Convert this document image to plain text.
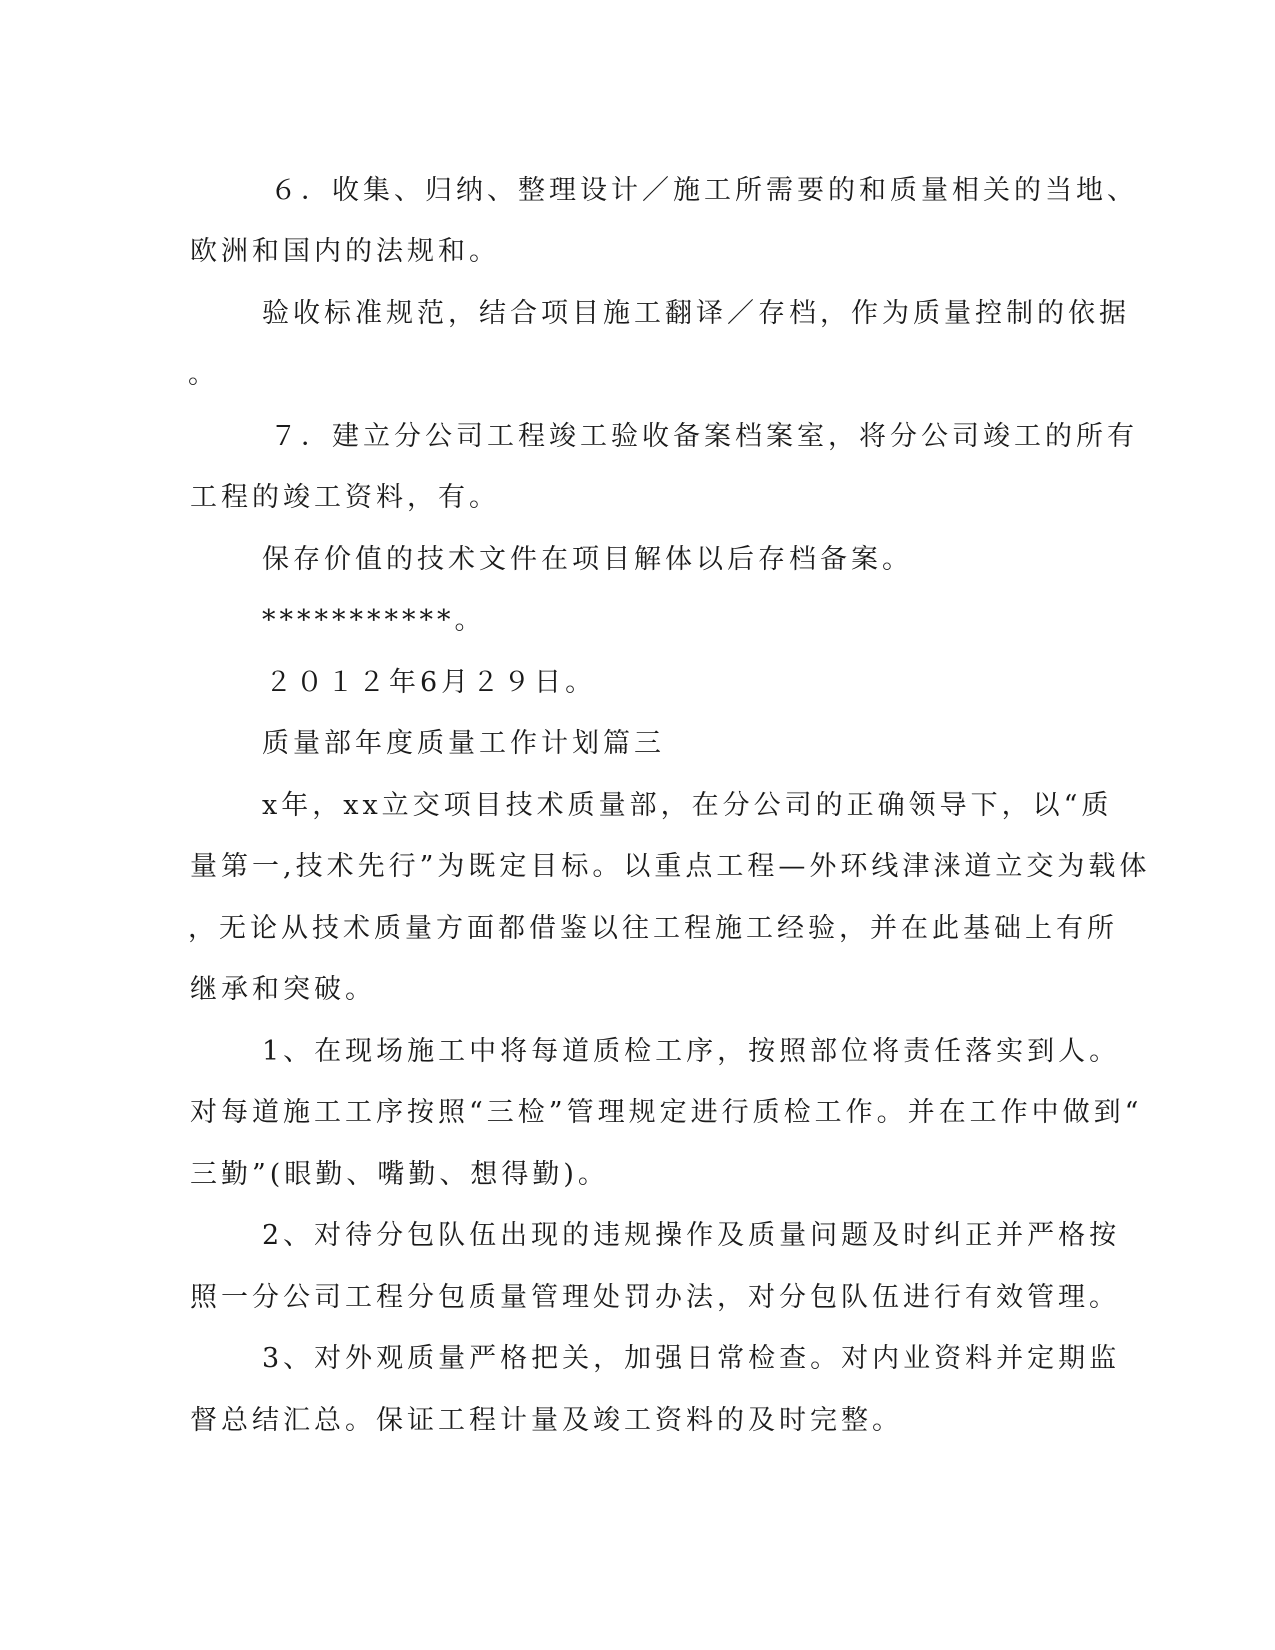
６．收集、归纳、整理设计／施工所需要的和质量相关的当地、
欧洲和国内的法规和。
验收标准规范，结合项目施工翻译／存档，作为质量控制的依据
。
７．建立分公司工程竣工验收备案档案室，将分公司竣工的所有
工程的竣工资料，有。
保存价值的技术文件在项目解体以后存档备案。
***********。
２０１２年6月２９日。
质量部年度质量工作计划篇三
x年，xx立交项目技术质量部，在分公司的正确领导下，以“质
量第一,技术先行”为既定目标。以重点工程—外环线津涞道立交为载体
，无论从技术质量方面都借鉴以往工程施工经验，并在此基础上有所
继承和突破。
1、在现场施工中将每道质检工序，按照部位将责任落实到人。
对每道施工工序按照“三检”管理规定进行质检工作。并在工作中做到“
三勤”(眼勤、嘴勤、想得勤)。
2、对待分包队伍出现的违规操作及质量问题及时纠正并严格按
照一分公司工程分包质量管理处罚办法，对分包队伍进行有效管理。
3、对外观质量严格把关，加强日常检查。对内业资料并定期监
督总结汇总。保证工程计量及竣工资料的及时完整。
